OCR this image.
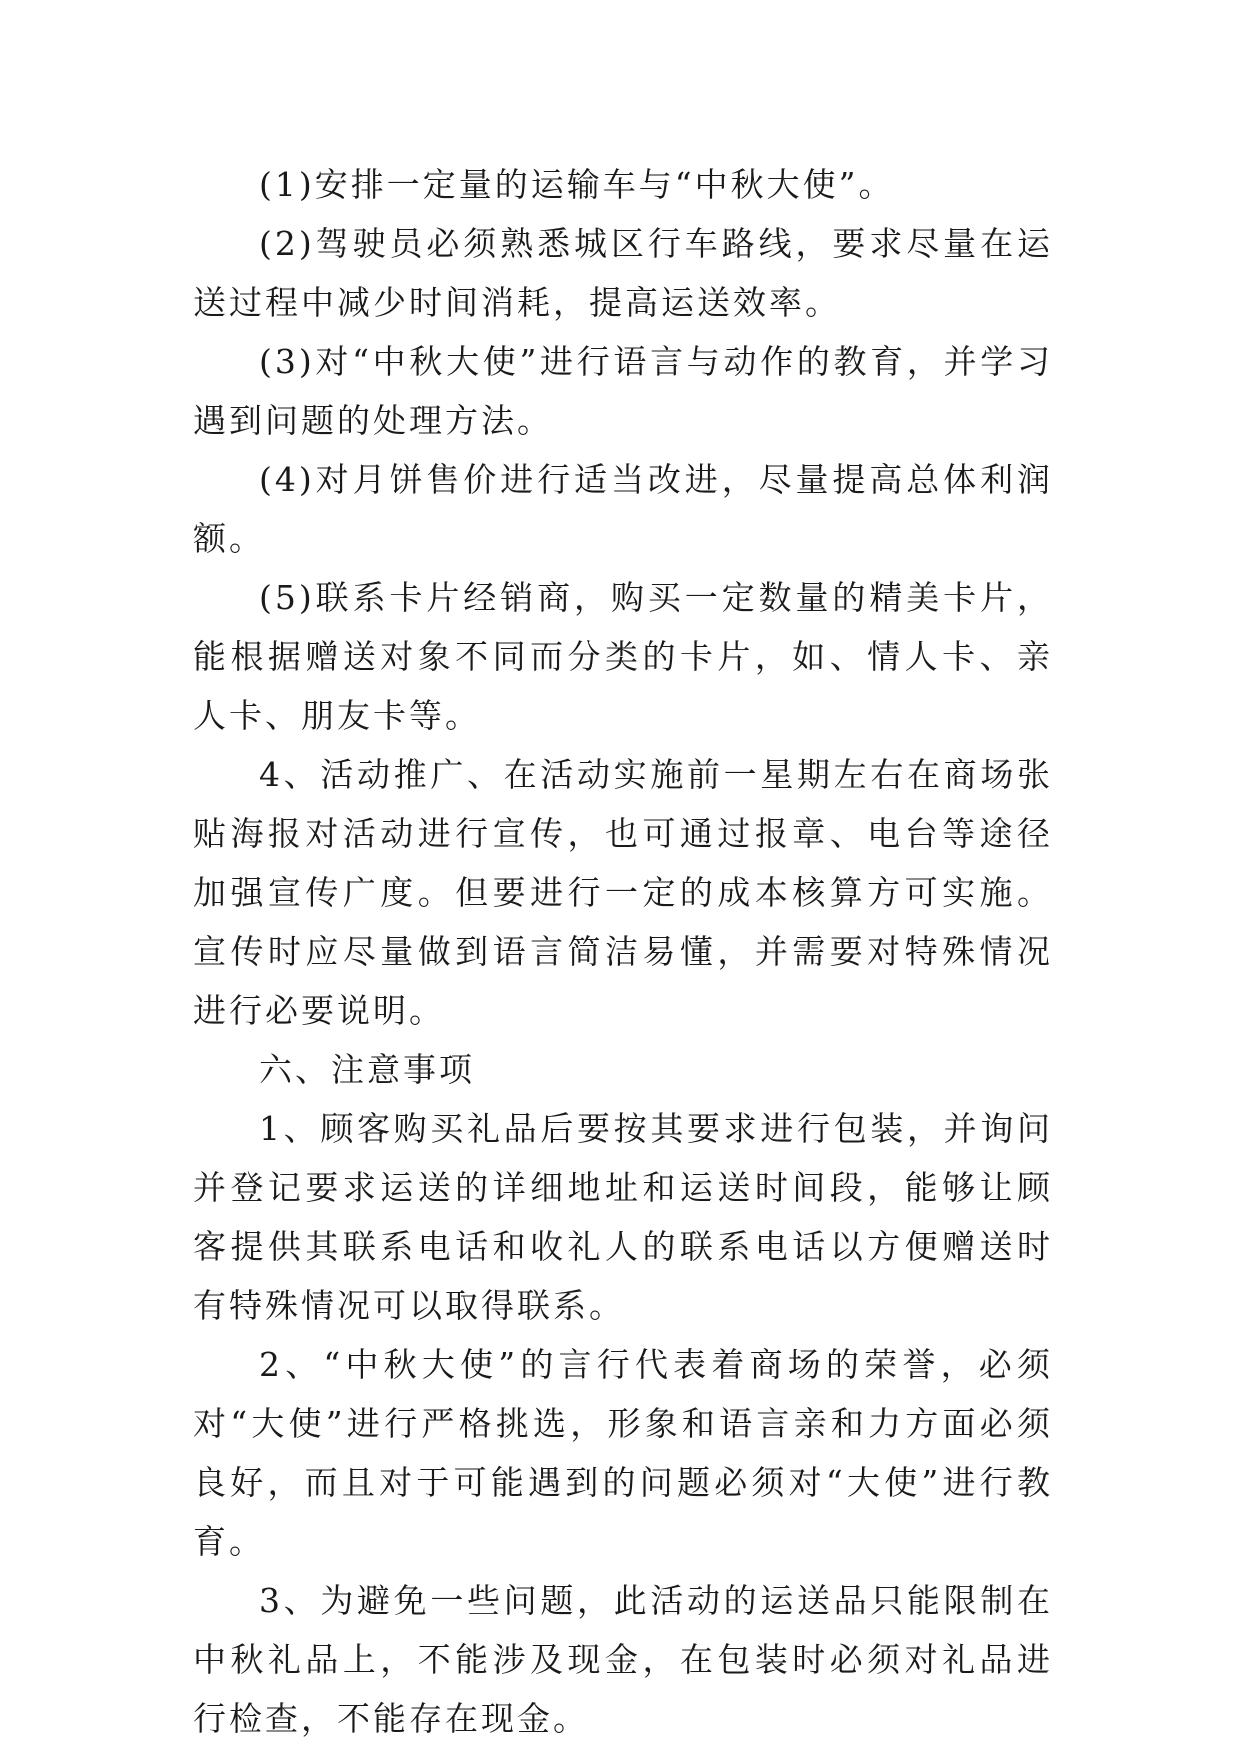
(1)安排一定量的运输车与“中秋大使”。

(2)驾驶员必须熟悉城区行车路线，要求尽量在运送过程中减少时间消耗，提高运送效率。

(3)对“中秋大使”进行语言与动作的教育，并学习遇到问题的处理方法。

(4)对月饼售价进行适当改进，尽量提高总体利润额。

(5)联系卡片经销商，购买一定数量的精美卡片，能根据赠送对象不同而分类的卡片，如、情人卡、亲人卡、朋友卡等。

4、活动推广、在活动实施前一星期左右在商场张贴海报对活动进行宣传，也可通过报章、电台等途径加强宣传广度。但要进行一定的成本核算方可实施。宣传时应尽量做到语言简洁易懂，并需要对特殊情况进行必要说明。

六、注意事项

1、顾客购买礼品后要按其要求进行包装，并询问并登记要求运送的详细地址和运送时间段，能够让顾客提供其联系电话和收礼人的联系电话以方便赠送时有特殊情况可以取得联系。

2、“中秋大使”的言行代表着商场的荣誉，必须对“大使”进行严格挑选，形象和语言亲和力方面必须良好，而且对于可能遇到的问题必须对“大使”进行教育。

3、为避免一些问题，此活动的运送品只能限制在中秋礼品上，不能涉及现金，在包装时必须对礼品进行检查，不能存在现金。
